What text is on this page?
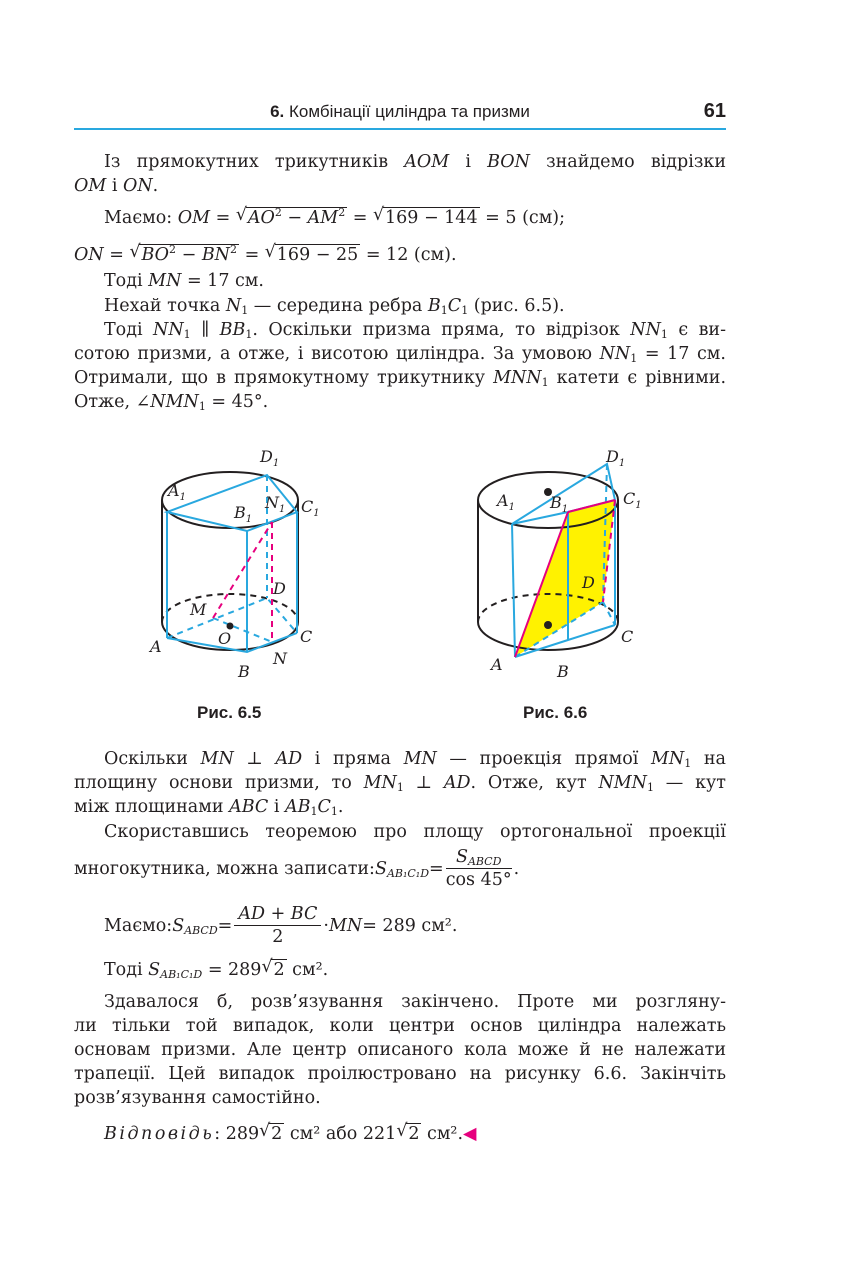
6. Комбінації циліндра та призми	61
Із прямокутних трикутників AOM і BON знайдемо відрізки
OM і ON.
Маємо: OM = √ $AO^2 - AM^2$ = √ 169 − 144 = 5 (см);
ON = √ $BO^2 - BN^2$ = √ 169 − 25 = 12 (см).
Тоді MN = 17 см.
Нехай точка $N_1$ — середина ребра $B_1C_1$ (рис. 6.5).
Тоді $NN_1$ ∥ $BB_1$. Оскільки призма пряма, то відрізок $NN_1$ є ви-
сотою призми, а отже, і висотою циліндра. За умовою $NN_1 = 17$ см.
Отримали, що в прямокутному трикутнику $MNN_1$ катети є рівними.
Отже, $\angle NMN_1 = 45^\circ$.
$D_1$
$A_1$
$B_1$
$N_1$ $C_1$
D
M
O
A
C
B
N
$D_1$
$A_1$ $B_1$
$C_1$
D
A	B
C
Рис. 6.5	Рис. 6.6
Оскільки MN ⊥ AD і пряма MN — проекція прямої $MN_1$ на
площину основи призми, то $MN_1$ ⊥ AD. Отже, кут $NMN_1$ — кут
між площинами ABC і $AB_1C_1$.
Скориставшись теоремою про площу ортогональної проекції
многокутника, можна $записати:S_{AB_1C_1D}= \frac{S_{ABCD}}{\cos 45^\circ}$ .
$Маємо:S_{ABCD}= \frac{AD + BC}{2} \cdot MN= 289$ см².
Тоді $S_{AB_1C_1D} = 289$ √ 2 см².
Здавалося б, розв’язування закінчено. Проте ми розгляну-
ли тільки той випадок, коли центри основ циліндра належать
основам призми. Але центр описаного кола може й не належати
трапеції. Цей випадок проілюстровано на рисунку 6.6. Закінчіть
розв’язування самостійно.
Відповідь: 289 √ 2 см² або 221 √ 2 см².◀
